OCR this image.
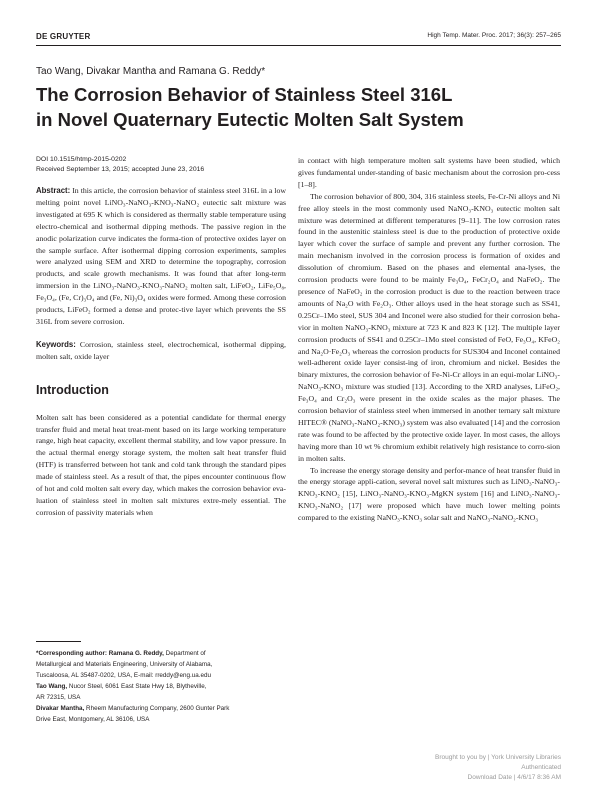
DE GRUYTER	High Temp. Mater. Proc. 2017; 36(3): 257–265
Tao Wang, Divakar Mantha and Ramana G. Reddy*
The Corrosion Behavior of Stainless Steel 316L
in Novel Quaternary Eutectic Molten Salt System

DOI 10.1515/htmp-2015-0202

Received September 13, 2015; accepted June 23, 2016

Abstract: In this article, the corrosion behavior of stainless steel 316L in a low melting point novel LiNO₃-NaNO₃-KNO₃-NaNO₂ eutectic salt mixture was investigated at 695 K which is considered as thermally stable temperature using electro-chemical and isothermal dipping methods. The passive region in the anodic polarization curve indicates the forma-tion of protective oxides layer on the sample surface. After isothermal dipping corrosion experiments, samples were analyzed using SEM and XRD to determine the topography, corrosion products, and scale growth mechanisms. It was found that after long-term immersion in the LiNO₃-NaNO₃-KNO₃-NaNO₂ molten salt, LiFeO₂, LiFe₅O₈, Fe₃O₄, (Fe, Cr)₃O₄ and (Fe, Ni)₃O₄ oxides were formed. Among these corrosion products, LiFeO₂ formed a dense and protec-tive layer which prevents the SS 316L from severe corrosion.

Keywords: Corrosion, stainless steel, electrochemical, isothermal dipping, molten salt, oxide layer

Introduction

Molten salt has been considered as a potential candidate for thermal energy transfer fluid and metal heat treat-ment based on its large working temperature range, high heat capacity, excellent thermal stability, and low vapor pressure. In the actual thermal energy storage system, the molten salt heat transfer fluid (HTF) is transferred between hot tank and cold tank through the standard pipes made of stainless steel. As a result of that, the pipes encounter continuous flow of hot and cold molten salt every day, which makes the corrosion behavior eva-luation of stainless steel in molten salt mixtures extre-mely essential. The corrosion of passivity materials when

in contact with high temperature molten salt systems have been studied, which gives fundamental under-standing of basic mechanism about the corrosion pro-cess [1–8].

The corrosion behavior of 800, 304, 316 stainless steels, Fe-Cr-Ni alloys and Ni free alloy steels in the most commonly used NaNO₃-KNO₃ eutectic molten salt mixture was determined at different temperatures [9–11]. The low corrosion rates found in the austenitic stainless steel is due to the production of protective oxide layer which cover the surface of sample and prevent any further corrosion. The main mechanism involved in the corrosion process is formation of oxides and dissolution of chromium. Based on the phases and elemental ana-lyses, the corrosion products were found to be mainly Fe₃O₄, FeCr₂O₄ and NaFeO₂. The presence of NaFeO₂ in the corrosion product is due to the reaction between trace amounts of Na₂O with Fe₂O₃. Other alloys used in the heat storage such as SS41, 0.25Cr–1Mo steel, SUS 304 and Inconel were also studied for their corrosion beha-vior in molten NaNO₃-KNO₃ mixture at 723 K and 823 K [12]. The multiple layer corrosion products of SS41 and 0.25Cr–1Mo steel consisted of FeO, Fe₃O₄, KFeO₂ and Na₂O·Fe₂O₃ whereas the corrosion products for SUS304 and Inconel contained well-adherent oxide layer consist-ing of iron, chromium and nickel. Besides the binary mixtures, the corrosion behavior of Fe-Ni-Cr alloys in an equi-molar LiNO₃-NaNO₃-KNO₃ mixture was studied [13]. According to the XRD analyses, LiFeO₂, Fe₃O₄ and Cr₂O₃ were present in the oxide scales as the major phases. The corrosion behavior of stainless steel when immersed in another ternary salt mixture HITEC® (NaNO₃-NaNO₂-KNO₃) system was also evaluated [14] and the corrosion rate was found to be affected by the protective oxide layer. In most cases, the alloys having more than 10 wt % chromium exhibit relatively high resistance to corro-sion in molten salts.

To increase the energy storage density and perfor-mance of heat transfer fluid in the energy storage appli-cation, several novel salt mixtures such as LiNO₃-NaNO₃-KNO₃-KNO₂ [15], LiNO₃-NaNO₃-KNO₃-MgKN system [16] and LiNO₃-NaNO₃-KNO₃-NaNO₂ [17] were proposed which have much lower melting points compared to the existing NaNO₃-KNO₃ solar salt and NaNO₃-NaNO₂-KNO₃

*Corresponding author: Ramana G. Reddy, Department of
Metallurgical and Materials Engineering, University of Alabama,
Tuscaloosa, AL 35487-0202, USA, E-mail: rreddy@eng.ua.edu
Tao Wang, Nucor Steel, 6061 East State Hwy 18, Blytheville,
AR 72315, USA
Divakar Mantha, Rheem Manufacturing Company, 2600 Gunter Park
Drive East, Montgomery, AL 36106, USA
Brought to you by | York University Libraries
Authenticated
Download Date | 4/6/17 8:36 AM
